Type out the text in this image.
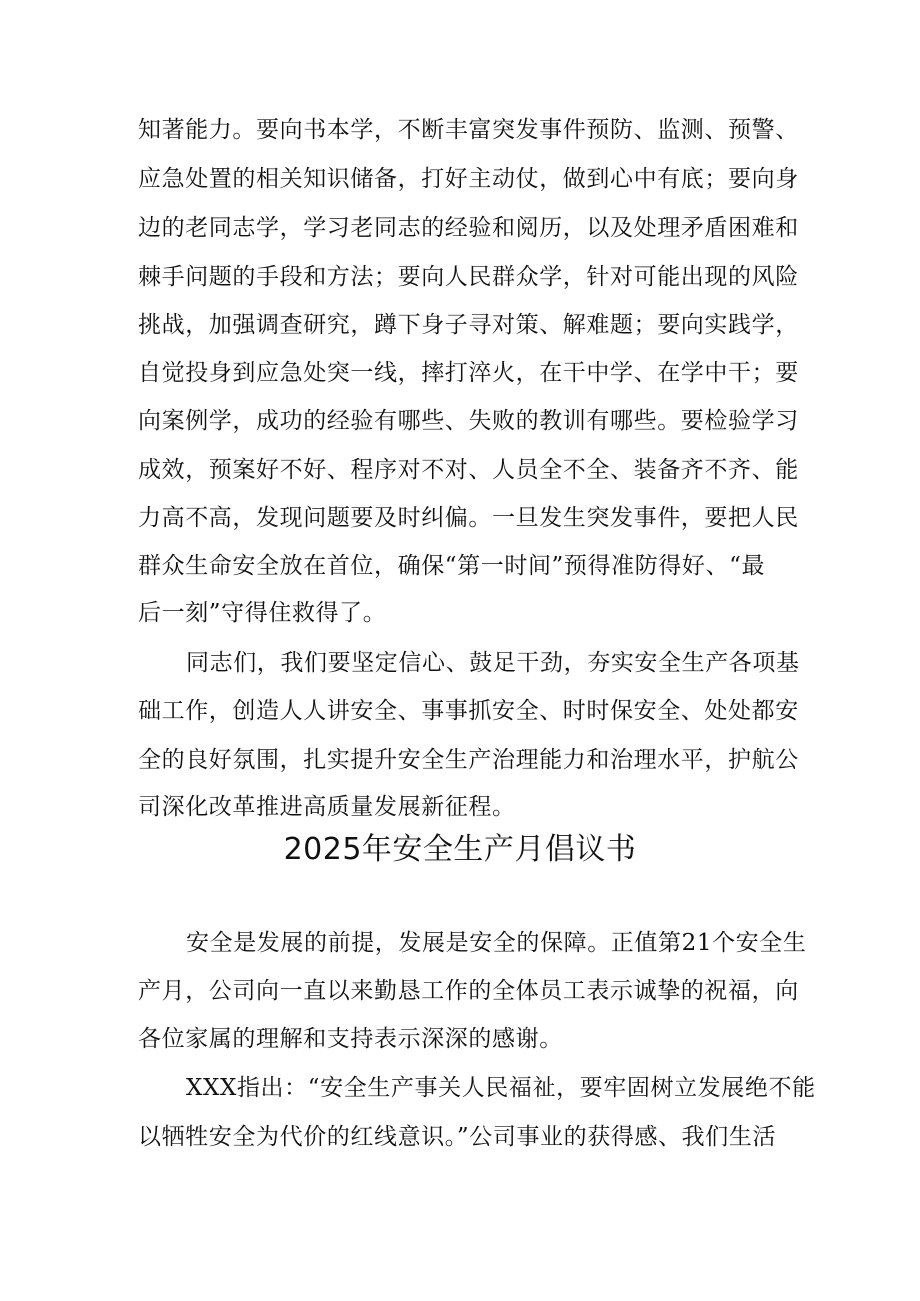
知著能力。要向书本学，不断丰富突发事件预防、监测、预警、
应急处置的相关知识储备，打好主动仗，做到心中有底；要向身
边的老同志学，学习老同志的经验和阅历，以及处理矛盾困难和
棘手问题的手段和方法；要向人民群众学，针对可能出现的风险
挑战，加强调查研究，蹲下身子寻对策、解难题；要向实践学，
自觉投身到应急处突一线，摔打淬火，在干中学、在学中干；要
向案例学，成功的经验有哪些、失败的教训有哪些。要检验学习
成效，预案好不好、程序对不对、人员全不全、装备齐不齐、能
力高不高，发现问题要及时纠偏。一旦发生突发事件，要把人民
群众生命安全放在首位，确保“第一时间”预得准防得好、“最
后一刻”守得住救得了。
同志们，我们要坚定信心、鼓足干劲，夯实安全生产各项基
础工作，创造人人讲安全、事事抓安全、时时保安全、处处都安
全的良好氛围，扎实提升安全生产治理能力和治理水平，护航公
司深化改革推进高质量发展新征程。
2025年安全生产月倡议书
安全是发展的前提，发展是安全的保障。正值第21个安全生
产月，公司向一直以来勤恳工作的全体员工表示诚挚的祝福，向
各位家属的理解和支持表示深深的感谢。
XXX指出：“安全生产事关人民福祉，要牢固树立发展绝不能
以牺牲安全为代价的红线意识。”公司事业的获得感、我们生活
